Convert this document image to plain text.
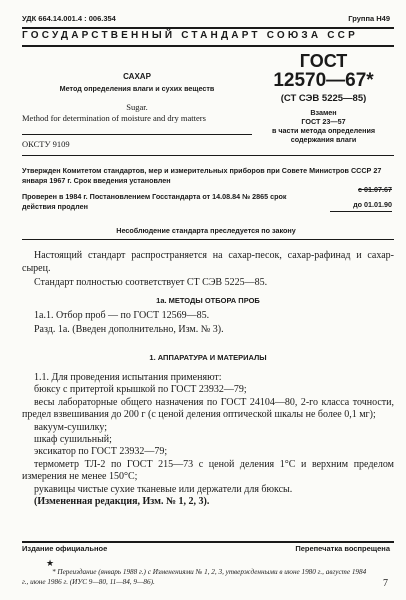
УДК 664.14.001.4 : 006.354	Группа Н49
ГОСУДАРСТВЕННЫЙ СТАНДАРТ СОЮЗА ССР
ГОСТ
12570—67*
(СТ СЭВ 5225—85)
Взамен
ГОСТ 23—57
в части метода определения содержания влаги
САХАР
Метод определения влаги и сухих веществ
Sugar.
Method for determination of moisture and dry matters
ОКСТУ 9109
Утвержден Комитетом стандартов, мер и измерительных приборов при Совете Министров СССР 27 января 1967 г. Срок введения установлен
с 01.07.67
Проверен в 1984 г. Постановлением Госстандарта от 14.08.84 № 2865 срок действия продлен	до 01.01.90
Несоблюдение стандарта преследуется по закону
Настоящий стандарт распространяется на сахар-песок, сахар-рафинад и сахар-сырец.
Стандарт полностью соответствует СТ СЭВ 5225—85.
1а. МЕТОДЫ ОТБОРА ПРОБ
1а.1. Отбор проб — по ГОСТ 12569—85.
Разд. 1а. (Введен дополнительно, Изм. № 3).
1. АППАРАТУРА И МАТЕРИАЛЫ
1.1. Для проведения испытания применяют:
бюксу с притертой крышкой по ГОСТ 23932—79;
весы лабораторные общего назначения по ГОСТ 24104—80, 2-го класса точности, предел взвешивания до 200 г (с ценой деления оптической шкалы не более 0,1 мг);
вакуум-сушилку;
шкаф сушильный;
эксикатор по ГОСТ 23932—79;
термометр ТЛ-2 по ГОСТ 215—73 с ценой деления 1°С и верхним пределом измерения не менее 150°С;
рукавицы чистые сухие тканевые или держатели для бюксы.
(Измененная редакция, Изм. № 1, 2, 3).
Издание официальное	Перепечатка воспрещена
★
* Переиздание (январь 1988 г.) с Изменениями № 1, 2, 3, утвержденными в июне 1980 г., августе 1984 г., июне 1986 г. (ИУС 9—80, 11—84, 9—86).	7
